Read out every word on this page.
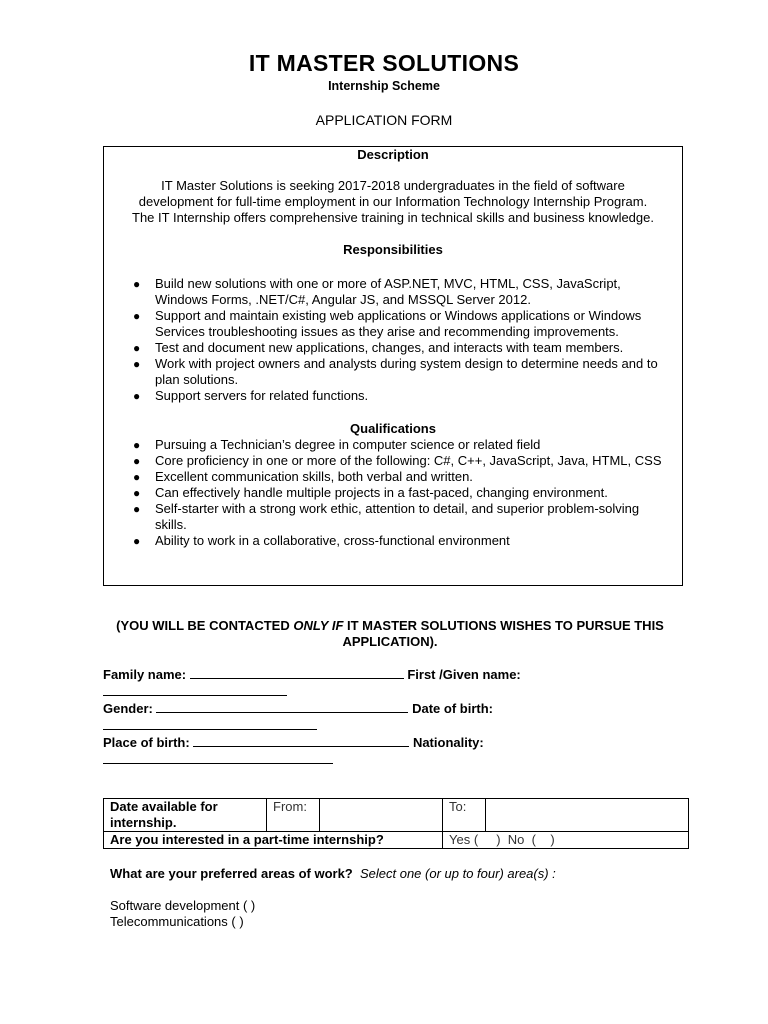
IT MASTER SOLUTIONS
Internship Scheme
APPLICATION FORM
Description
IT Master Solutions is seeking 2017-2018 undergraduates in the field of software
development for full-time employment in our Information Technology Internship Program.
The IT Internship offers comprehensive training in technical skills and business knowledge.
Responsibilities
● Build new solutions with one or more of ASP.NET, MVC, HTML, CSS, JavaScript, Windows Forms, .NET/C#, Angular JS, and MSSQL Server 2012.
● Support and maintain existing web applications or Windows applications or Windows Services troubleshooting issues as they arise and recommending improvements.
● Test and document new applications, changes, and interacts with team members.
● Work with project owners and analysts during system design to determine needs and to plan solutions.
● Support servers for related functions.
Qualifications
● Pursuing a Technician’s degree in computer science or related field
● Core proficiency in one or more of the following: C#, C++, JavaScript, Java, HTML, CSS
● Excellent communication skills, both verbal and written.
● Can effectively handle multiple projects in a fast-paced, changing environment.
● Self-starter with a strong work ethic, attention to detail, and superior problem-solving skills.
● Ability to work in a collaborative, cross-functional environment
(YOU WILL BE CONTACTED ONLY IF IT MASTER SOLUTIONS WISHES TO PURSUE THIS APPLICATION).
Family name:	First /Given name:
Gender:	Date of birth:
Place of birth:	Nationality:
Date available for internship.	From:		To:	
Are you interested in a part-time internship?			Yes (     ) No  (    )	
What are your preferred areas of work? Select one (or up to four) area(s) :
Software development ( )
Telecommunications ( )
